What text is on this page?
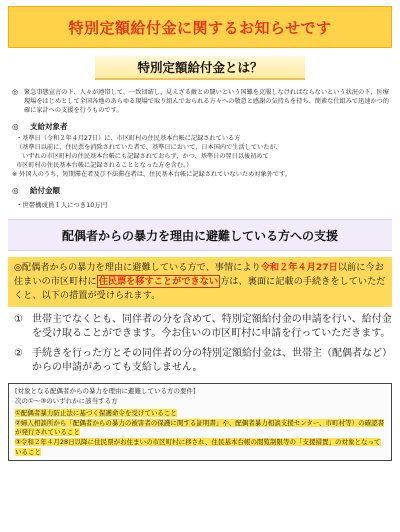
特別定額給付金に関するお知らせです
特別定額給付金とは？
◎ 緊急事態宣言の下、人々が連帯して、一致団結し、見えざる敵との闘いという国難を克服しなければならないという状況の下、医療現場をはじめとして全国各地のあらゆる現場で取り組んでおられる方々への敬意と感謝の気持ちを持ち、簡素な仕組みで迅速かつ的確に家計への支援を行うものです。
◎	支給対象者
・基準日（令和２年４月27日）に、市区町村の住民基本台帳に記録されている方
（基準日以前に、住民票を消除されていた者で、基準日において、日本国内で生活していたが、
いずれの市区町村の住民基本台帳にも記録されておらず、かつ、基準日の翌日以後初めて
市区町村の住民基本台帳に記録されることとなった方を含む。）
※ 外国人のうち、短期滞在者及び不法滞在者は、住民基本台帳に記録されていないため対象外です。
◎	給付金額
・世帯構成員１人につき10万円
配偶者からの暴力を理由に避難している方への支援
◎配偶者からの暴力を理由に避難している方で、事情により令和２年４月27日以前に今お住まいの市区町村に 住民票を移すことができない 方は、裏面に記載の手続きをしていただくと、以下の措置が受けられます。
① 世帯主でなくとも、同伴者の分を含めて、特別定額給付金の申請を行い、給付金を受け取ることができます。今お住いの市区町村に申請を行っていただきます。
② 手続きを行った方とその同伴者の分の特別定額給付金は、世帯主（配偶者など）からの申請があっても支給しません。
[対象となる配偶者からの暴力を理由に避難している方の要件]
次の①～③のいずれかに該当する方
①配偶者暴力防止法に基づく保護命令を受けていること
②婦人相談所から「配偶者からの暴力の被害者の保護に関する証明書」や、配偶者暴力相談支援センター、市町村等）の確認書が発行されていること
③令和２年４月28日以降に住民票がお住まいの市区町村に移され、住民基本台帳の閲覧制限等の「支援措置」の対象となっていること
